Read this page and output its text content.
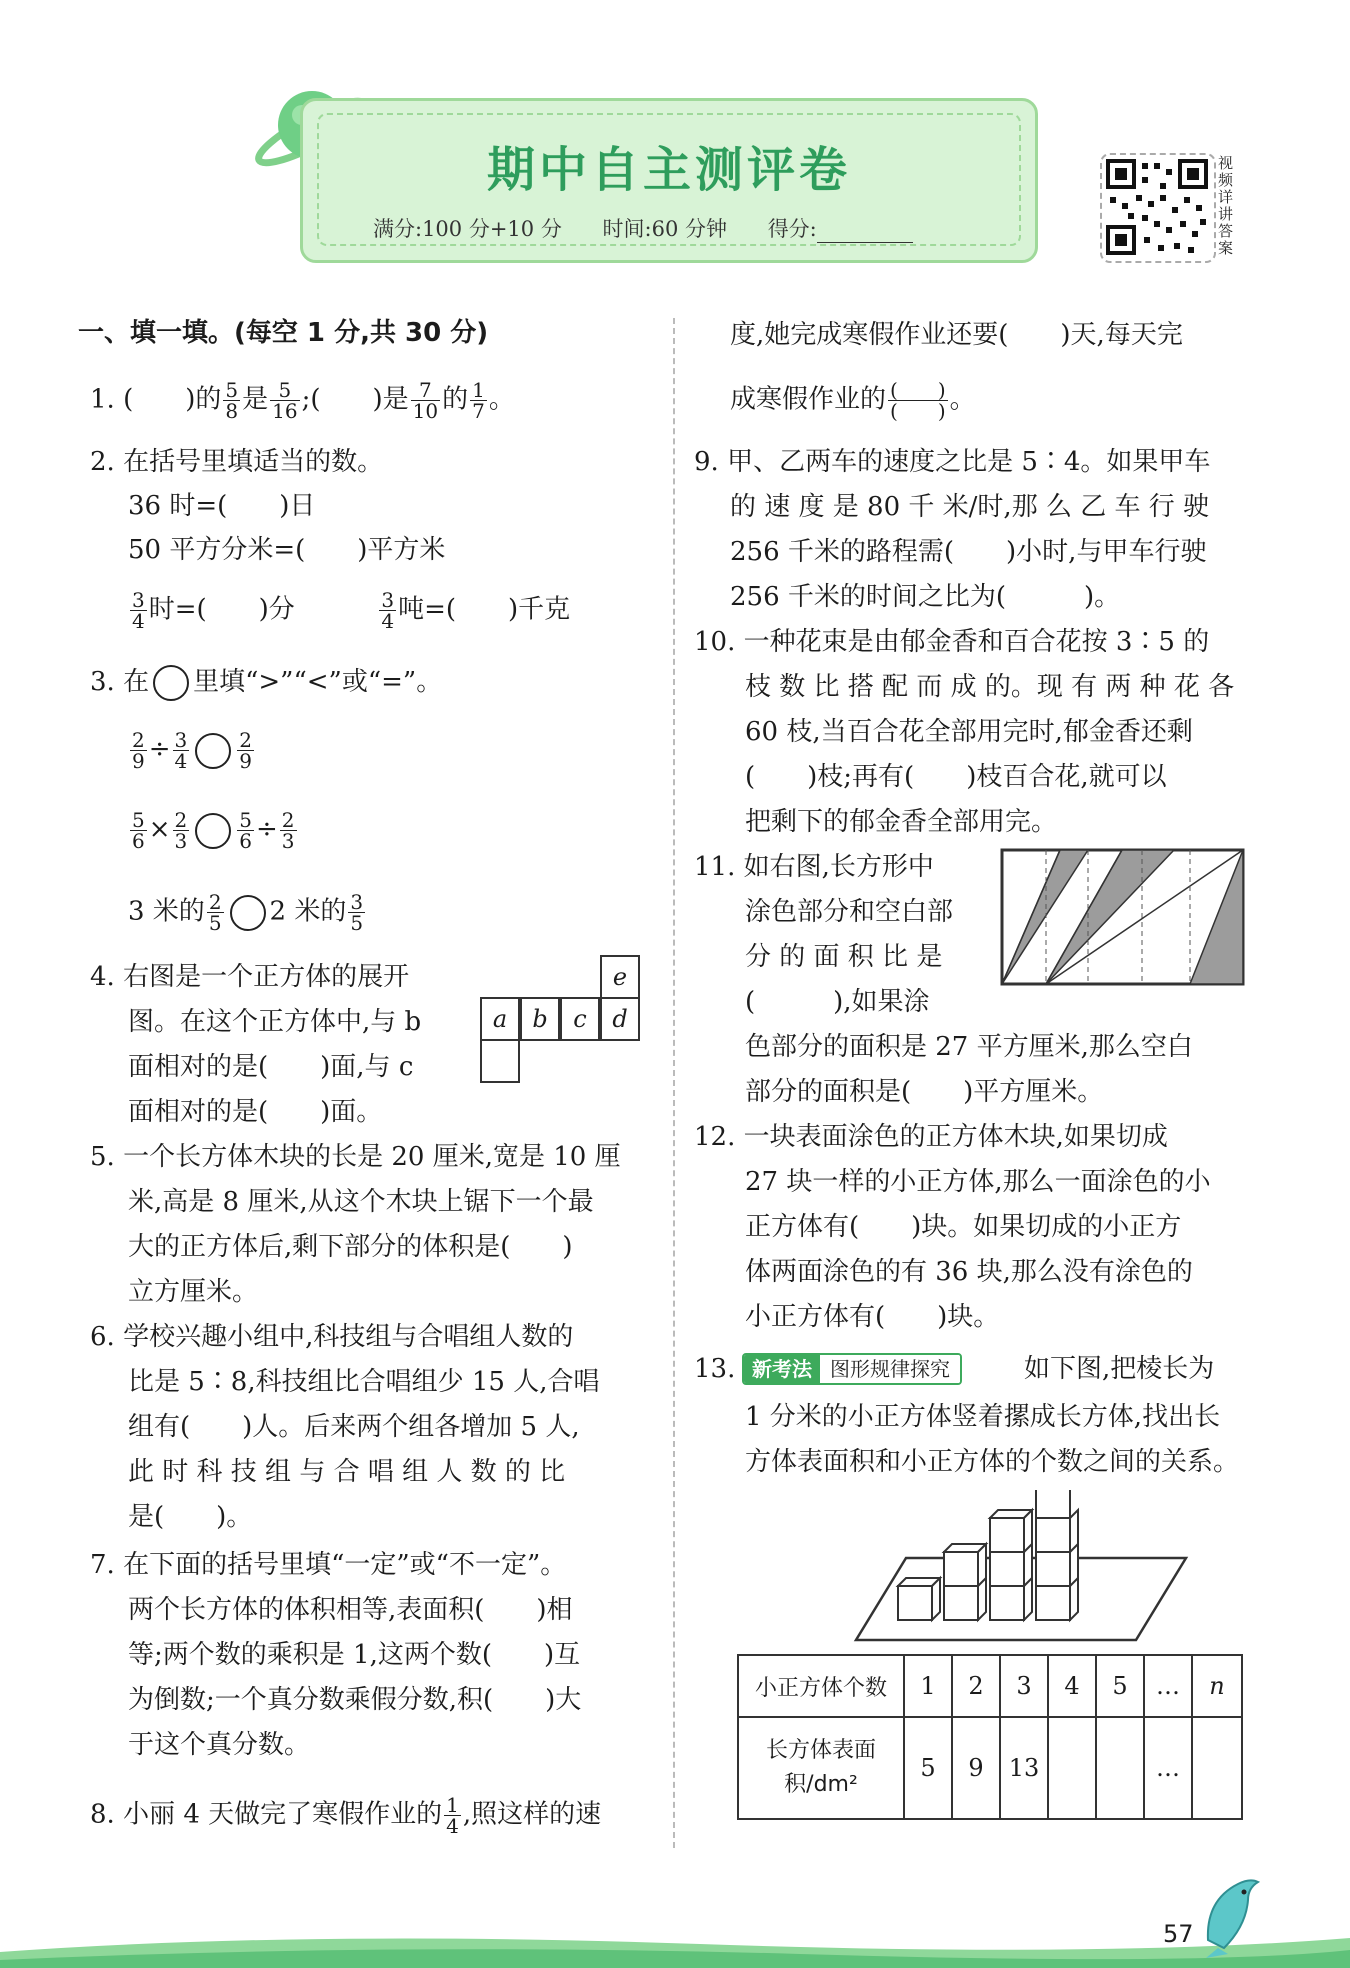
期中自主测评卷
满分:100 分+10 分 时间:60 分钟 得分:
视频详讲答案
一、填一填。(每空 1 分,共 30 分)
1. (　　)的 $\frac{5}{8}$ 是 $\frac{5}{16}$ ;(　　)是 $\frac{7}{10}$ 的 $\frac{1}{7}$ 。
2. 在括号里填适当的数。
36 时=(　　)日
50 平方分米=(　　)平方米
$\frac{3}{4}$ 时=(　　)分	$\frac{3}{4}$ 吨=(　　)千克
3. 在 里填“>”“<”或“=”。
$\frac{2}{9} \div \frac{3}{4} \frac{2}{9}$
$\frac{5}{6} \times \frac{2}{3} \frac{5}{6} \div \frac{2}{3}$
3 米的 $\frac{2}{5} 2$ 米的 $\frac{3}{5}$
4. 右图是一个正方体的展开
图。在这个正方体中,与 b
面相对的是(　　)面,与 c
面相对的是(　　)面。
e
a	b	c	d
5. 一个长方体木块的长是 20 厘米,宽是 10 厘
米,高是 8 厘米,从这个木块上锯下一个最
大的正方体后,剩下部分的体积是(　　)
立方厘米。
6. 学校兴趣小组中,科技组与合唱组人数的
比是 5∶8,科技组比合唱组少 15 人,合唱
组有(　　)人。后来两个组各增加 5 人,
此 时 科 技 组 与 合 唱 组 人 数 的 比
是(　　)。
7. 在下面的括号里填“一定”或“不一定”。
两个长方体的体积相等,表面积(　　)相
等;两个数的乘积是 1,这两个数(　　)互
为倒数;一个真分数乘假分数,积(　　)大
于这个真分数。
8. 小丽 4 天做完了寒假作业的 $\frac{1}{4}$ ,照这样的速
度,她完成寒假作业还要(　　)天,每天完
成寒假作业的 $\frac{( )}{( )}$ 。
9. 甲、乙两车的速度之比是 5∶4。如果甲车
的 速 度 是 80 千 米/时,那 么 乙 车 行 驶
256 千米的路程需(　　)小时,与甲车行驶
256 千米的时间之比为(　　　)。
10. 一种花束是由郁金香和百合花按 3∶5 的
枝 数 比 搭 配 而 成 的。现 有 两 种 花 各
60 枝,当百合花全部用完时,郁金香还剩
(　　)枝;再有(　　)枝百合花,就可以
把剩下的郁金香全部用完。
11. 如右图,长方形中
涂色部分和空白部
分 的 面 积 比 是
(　　　),如果涂
色部分的面积是 27 平方厘米,那么空白
部分的面积是(　　)平方厘米。
12. 一块表面涂色的正方体木块,如果切成
27 块一样的小正方体,那么一面涂色的小
正方体有(　　)块。如果切成的小正方
体两面涂色的有 36 块,那么没有涂色的
小正方体有(　　)块。
13. 新考法 图形规律探究	如下图,把棱长为
1 分米的小正方体竖着摞成长方体,找出长
方体表面积和小正方体的个数之间的关系。
小正方体个数	1	2	3	4	5	…	n

长方体表面
积/dm²	5	9	13			…	
57
